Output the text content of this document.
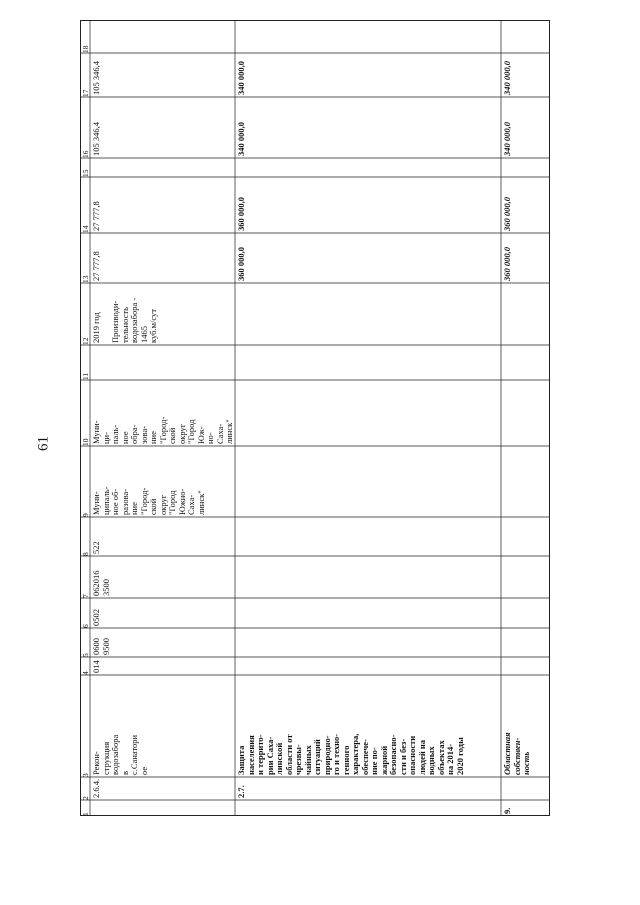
61
1
2
3
4
5
6
7
8
9
10
11
12
13
14
15
16
17
18
2.6.4.
Рекон-
струкция
водозабора
в
с.Санатори
ое
014
0600
9500
0502
062016
3500
522
Муни-
ципаль-
ное об-
разова-
ние
"Город-
ской
округ
"Город
Южно-
Саха-
линск"
Муни-
ци-
паль-
ное
обра-
зова-
ние
"Город-
ской
округ
"Город
Юж-
но-
Саха-
линск"
2019 год

Производи-
тельность
водозабора -
1465
куб.м/сут
27 777,8
27 777,8
105 346,4
105 346,4
2.7.
Защита
населения
и террито-
рии Саха-
линской
области от
чрезвы-
чайных
ситуаций
природно-
го и техно-
генного
характера,
обеспече-
ние по-
жарной
безопасно-
сти и без-
опасности
людей на
водных
объектах
на 2014-
2020 годы
360 000,0
360 000,0
340 000,0
340 000,0
9.
Областная
собствен-
ность
360 000,0
360 000,0
340 000,0
340 000,0
